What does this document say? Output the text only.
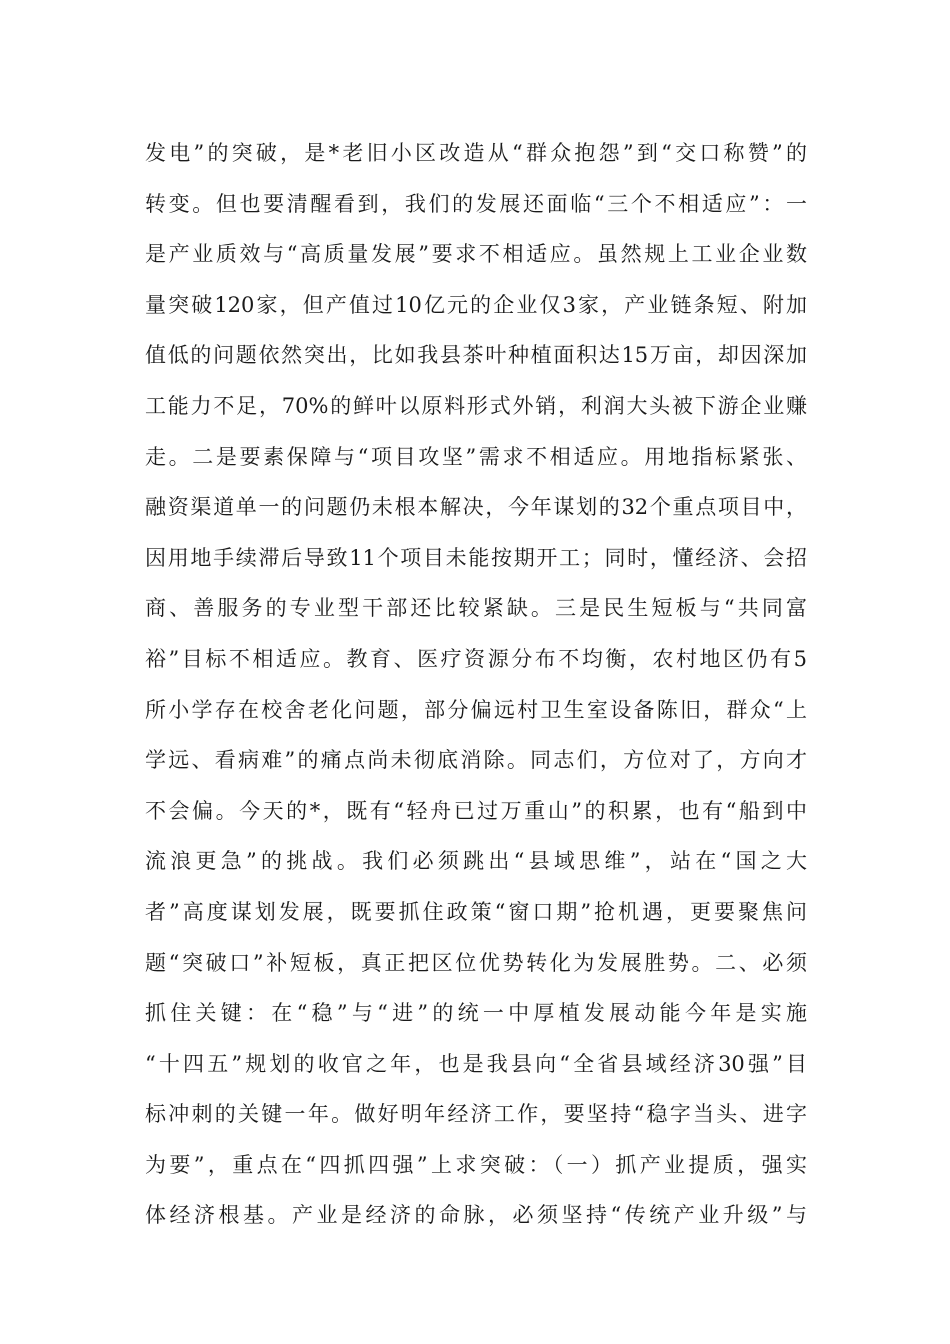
发电”的突破，是*老旧小区改造从“群众抱怨”到“交口称赞”的
转变。但也要清醒看到，我们的发展还面临“三个不相适应”：一
是产业质效与“高质量发展”要求不相适应。虽然规上工业企业数
量突破120家，但产值过10亿元的企业仅3家，产业链条短、附加
值低的问题依然突出，比如我县茶叶种植面积达15万亩，却因深加
工能力不足，70%的鲜叶以原料形式外销，利润大头被下游企业赚
走。二是要素保障与“项目攻坚”需求不相适应。用地指标紧张、
融资渠道单一的问题仍未根本解决，今年谋划的32个重点项目中，
因用地手续滞后导致11个项目未能按期开工；同时，懂经济、会招
商、善服务的专业型干部还比较紧缺。三是民生短板与“共同富
裕”目标不相适应。教育、医疗资源分布不均衡，农村地区仍有5
所小学存在校舍老化问题，部分偏远村卫生室设备陈旧，群众“上
学远、看病难”的痛点尚未彻底消除。同志们，方位对了，方向才
不会偏。今天的*，既有“轻舟已过万重山”的积累，也有“船到中
流浪更急”的挑战。我们必须跳出“县域思维”，站在“国之大
者”高度谋划发展，既要抓住政策“窗口期”抢机遇，更要聚焦问
题“突破口”补短板，真正把区位优势转化为发展胜势。二、必须
抓住关键：在“稳”与“进”的统一中厚植发展动能今年是实施
“十四五”规划的收官之年，也是我县向“全省县域经济30强”目
标冲刺的关键一年。做好明年经济工作，要坚持“稳字当头、进字
为要”，重点在“四抓四强”上求突破：（一）抓产业提质，强实
体经济根基。产业是经济的命脉，必须坚持“传统产业升级”与
